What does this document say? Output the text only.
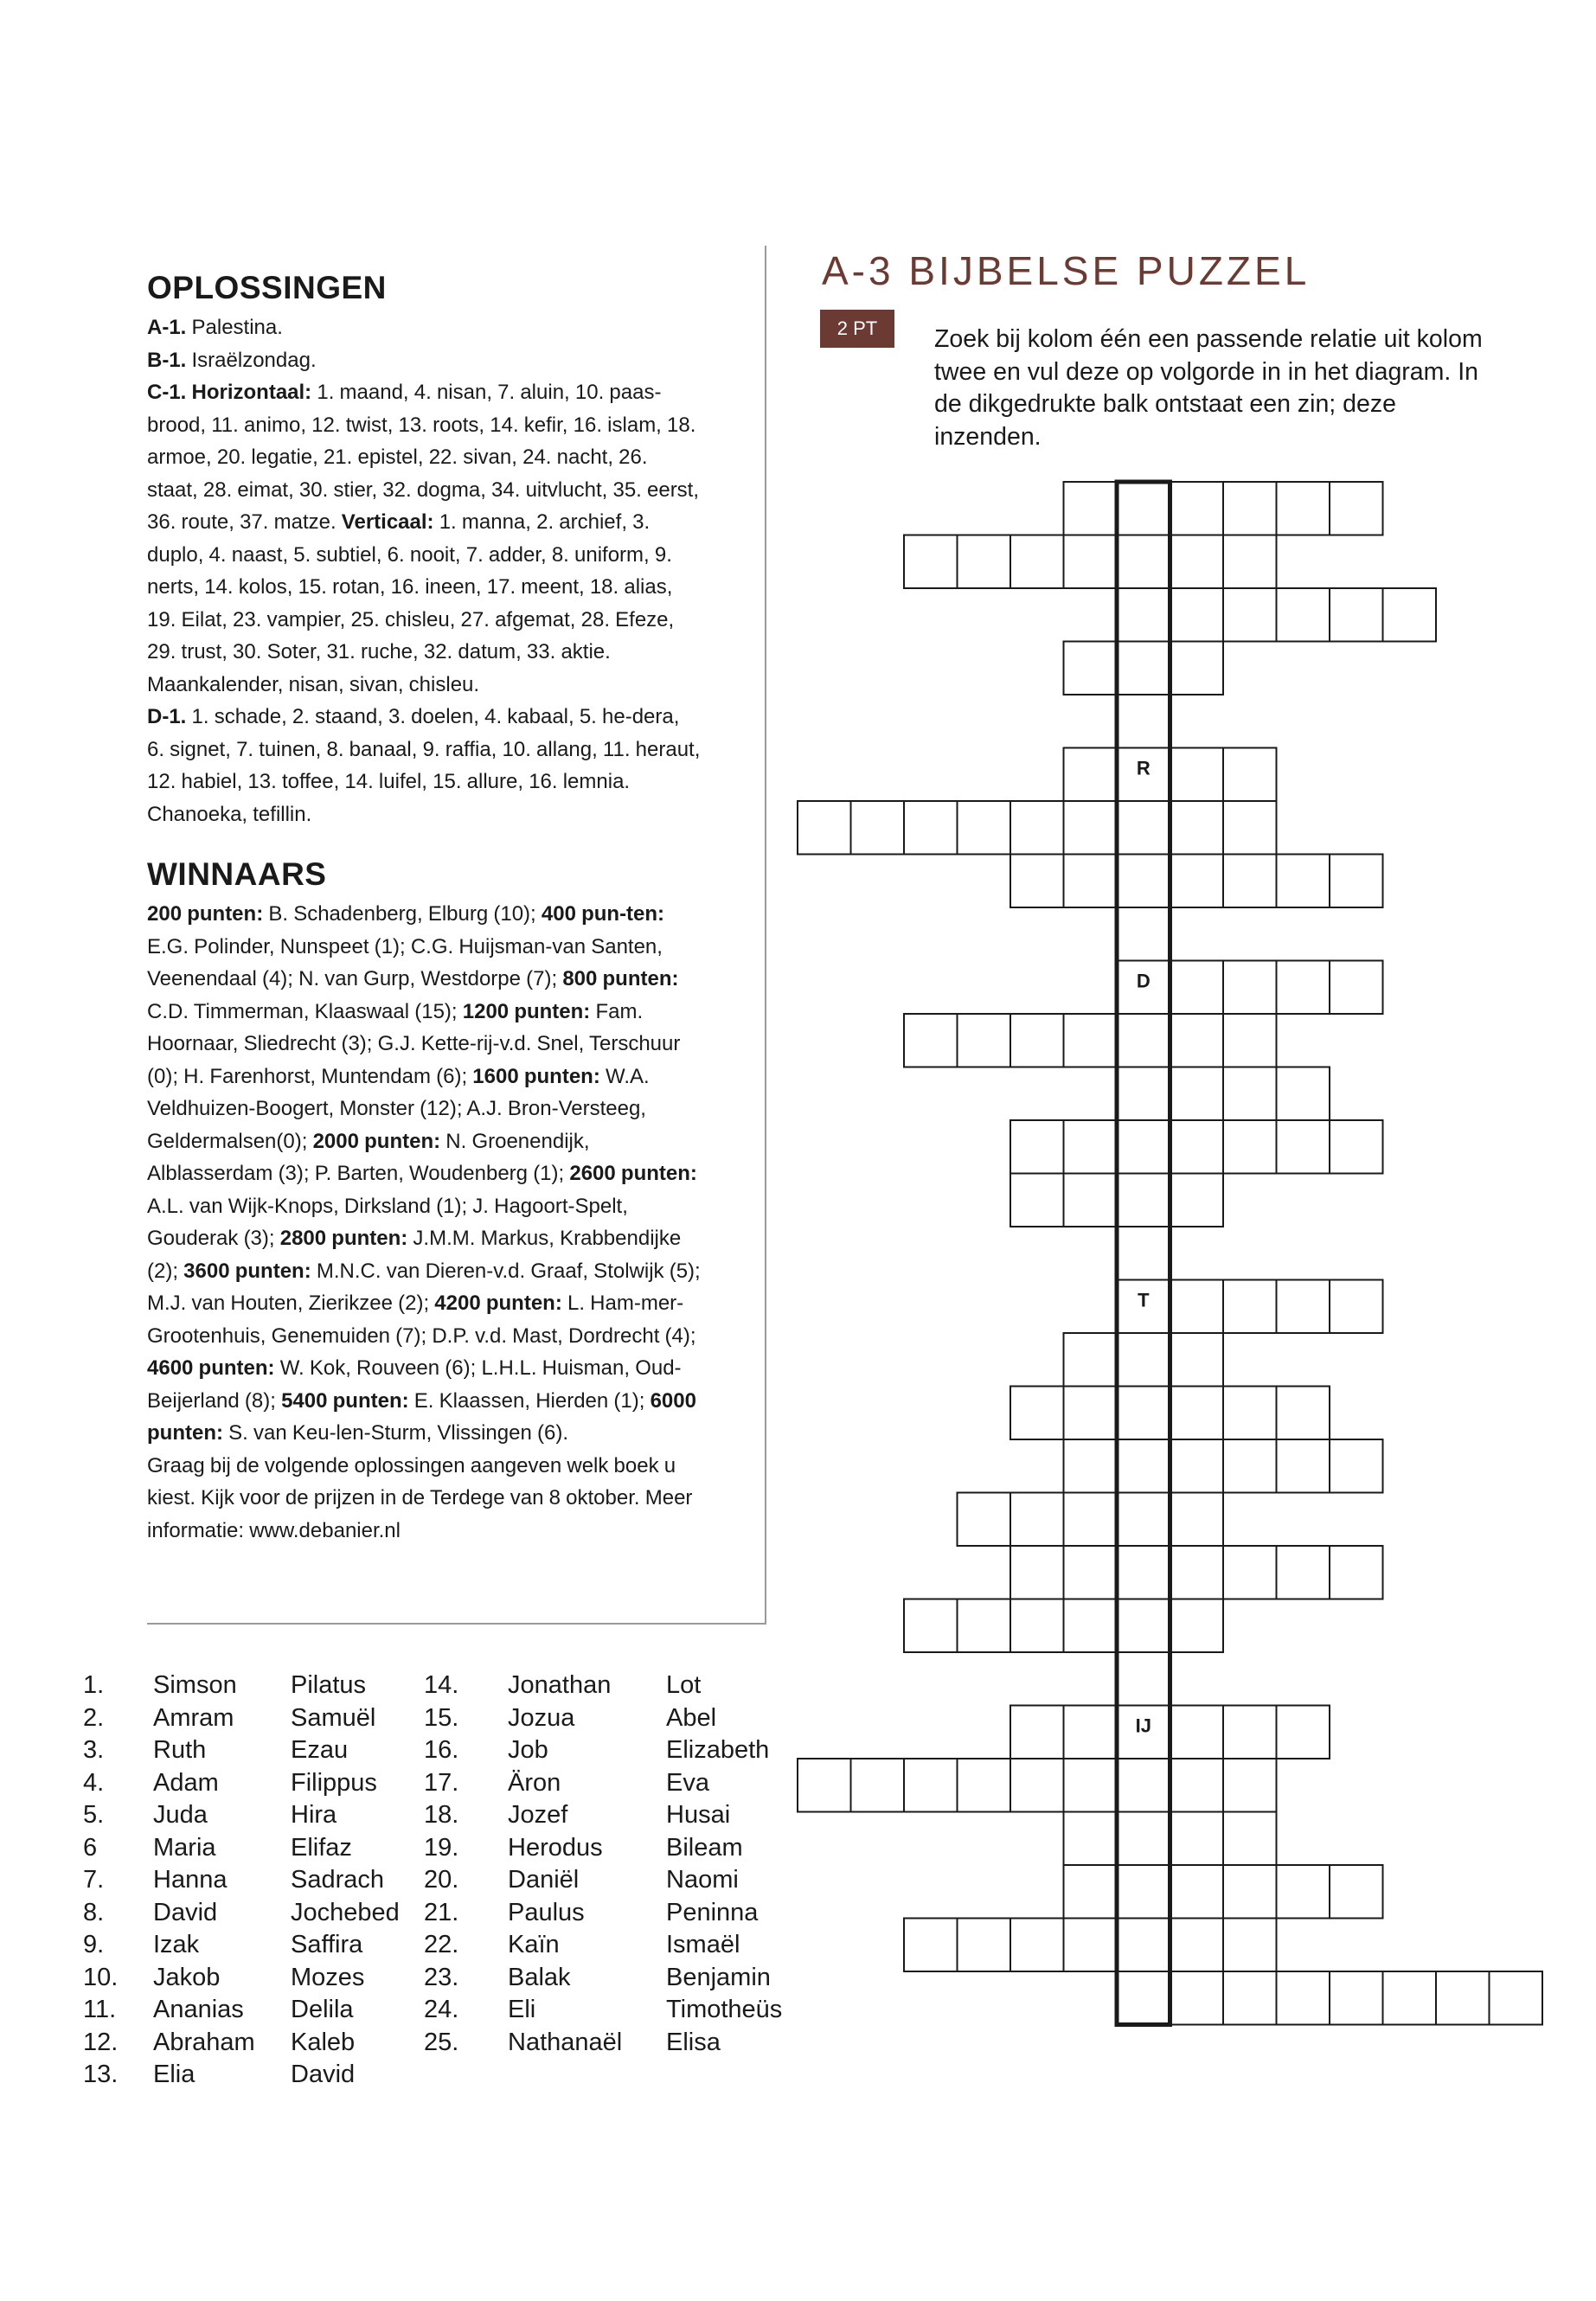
OPLOSSINGEN

A-1. Palestina.

B-1. Israëlzondag.

C-1. Horizontaal: 1. maand, 4. nisan, 7. aluin, 10. paas-brood, 11. animo, 12. twist, 13. roots, 14. kefir, 16. islam, 18. armoe, 20. legatie, 21. epistel, 22. sivan, 24. nacht, 26. staat, 28. eimat, 30. stier, 32. dogma, 34. uitvlucht, 35. eerst, 36. route, 37. matze. Verticaal: 1. manna, 2. archief, 3. duplo, 4. naast, 5. subtiel, 6. nooit, 7. adder, 8. uniform, 9. nerts, 14. kolos, 15. rotan, 16. ineen, 17. meent, 18. alias, 19. Eilat, 23. vampier, 25. chisleu, 27. afgemat, 28. Efeze, 29. trust, 30. Soter, 31. ruche, 32. datum, 33. aktie. Maankalender, nisan, sivan, chisleu.

D-1. 1. schade, 2. staand, 3. doelen, 4. kabaal, 5. he-dera, 6. signet, 7. tuinen, 8. banaal, 9. raffia, 10. allang, 11. heraut, 12. habiel, 13. toffee, 14. luifel, 15. allure, 16. lemnia. Chanoeka, tefillin.

WINNAARS

200 punten: B. Schadenberg, Elburg (10); 400 pun-ten: E.G. Polinder, Nunspeet (1); C.G. Huijsman-van Santen, Veenendaal (4); N. van Gurp, Westdorpe (7); 800 punten: C.D. Timmerman, Klaaswaal (15); 1200 punten: Fam. Hoornaar, Sliedrecht (3); G.J. Kette-rij-v.d. Snel, Terschuur (0); H. Farenhorst, Muntendam (6); 1600 punten: W.A. Veldhuizen-Boogert, Monster (12); A.J. Bron-Versteeg, Geldermalsen(0); 2000 punten: N. Groenendijk, Alblasserdam (3); P. Barten, Woudenberg (1); 2600 punten: A.L. van Wijk-Knops, Dirksland (1); J. Hagoort-Spelt, Gouderak (3); 2800 punten: J.M.M. Markus, Krabbendijke (2); 3600 punten: M.N.C. van Dieren-v.d. Graaf, Stolwijk (5); M.J. van Houten, Zierikzee (2); 4200 punten: L. Ham-mer-Grootenhuis, Genemuiden (7); D.P. v.d. Mast, Dordrecht (4); 4600 punten: W. Kok, Rouveen (6); L.H.L. Huisman, Oud-Beijerland (8); 5400 punten: E. Klaassen, Hierden (1); 6000 punten: S. van Keu-len-Sturm, Vlissingen (6).

Graag bij de volgende oplossingen aangeven welk boek u kiest. Kijk voor de prijzen in de Terdege van 8 oktober. Meer informatie: www.debanier.nl

A-3 BIJBELSE PUZZEL
2 PT	Zoek bij kolom één een passende relatie uit kolom twee en vul deze op volgorde in in het diagram. In de dikgedrukte balk ontstaat een zin; deze inzenden.
1.
2.
3.
4.
5.
6
7.
8.
9.
10.
11.
12.
13.
Simson
Amram
Ruth
Adam
Juda
Maria
Hanna
David
Izak
Jakob
Ananias
Abraham
Elia
Pilatus
Samuël
Ezau
Filippus
Hira
Elifaz
Sadrach
Jochebed
Saffira
Mozes
Delila
Kaleb
David
14.
15.
16.
17.
18.
19.
20.
21.
22.
23.
24.
25.
Jonathan
Jozua
Job
Äron
Jozef
Herodus
Daniël
Paulus
Kaïn
Balak
Eli
Nathanaël
Lot
Abel
Elizabeth
Eva
Husai
Bileam
Naomi
Peninna
Ismaël
Benjamin
Timotheüs
Elisa
R
D
T
IJ
